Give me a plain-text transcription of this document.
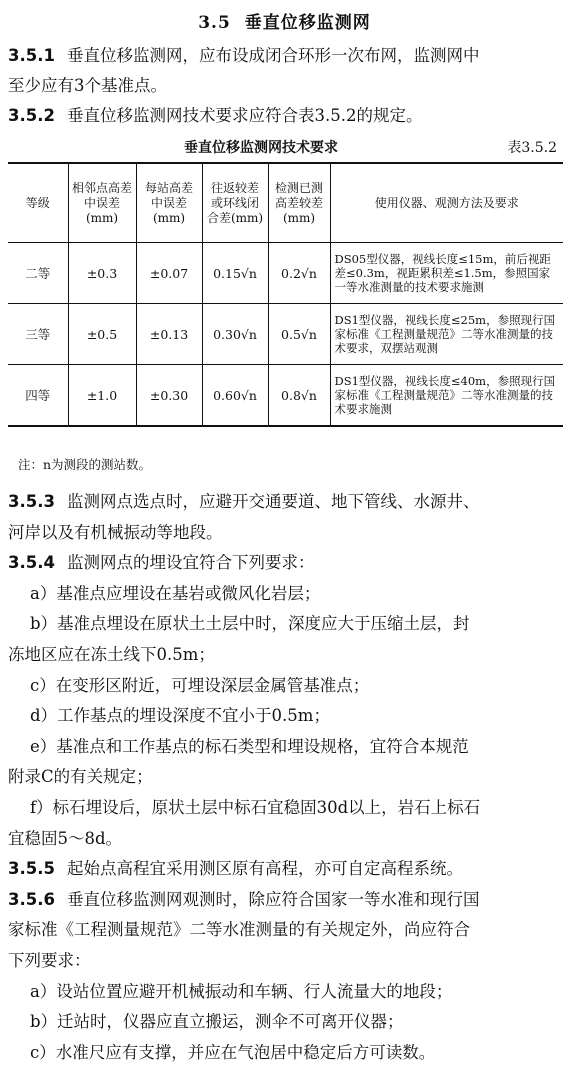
3.5 垂直位移监测网
3.5.1 垂直位移监测网，应布设成闭合环形一次布网，监测网中
至少应有3个基准点。
3.5.2 垂直位移监测网技术要求应符合表3.5.2的规定。
垂直位移监测网技术要求	表3.5.2
等级	相邻点高差中误差(mm)	每站高差中误差(mm)	往返较差或环线闭合差(mm)	检测已测高差较差(mm)	使用仪器、观测方法及要求
二等	±0.3	±0.07	0.15√n	0.2√n	DS05型仪器，视线长度≤15m，前后视距差≤0.3m，视距累积差≤1.5m，参照国家一等水准测量的技术要求施测
三等	±0.5	±0.13	0.30√n	0.5√n	DS1型仪器，视线长度≤25m，参照现行国家标准《工程测量规范》二等水准测量的技术要求，双摆站观测
四等	±1.0	±0.30	0.60√n	0.8√n	DS1型仪器，视线长度≤40m，参照现行国家标准《工程测量规范》二等水准测量的技术要求施测
注：n为测段的测站数。
3.5.3 监测网点选点时，应避开交通要道、地下管线、水源井、
河岸以及有机械振动等地段。
3.5.4 监测网点的埋设宜符合下列要求：
a）基准点应埋设在基岩或微风化岩层；
b）基准点埋设在原状土土层中时，深度应大于压缩土层，封
冻地区应在冻土线下0.5m；
c）在变形区附近，可埋设深层金属管基准点；
d）工作基点的埋设深度不宜小于0.5m；
e）基准点和工作基点的标石类型和埋设规格，宜符合本规范
附录C的有关规定；
f）标石埋设后，原状土层中标石宜稳固30d以上，岩石上标石
宜稳固5～8d。
3.5.5 起始点高程宜采用测区原有高程，亦可自定高程系统。
3.5.6 垂直位移监测网观测时，除应符合国家一等水准和现行国
家标准《工程测量规范》二等水准测量的有关规定外，尚应符合
下列要求：
a）设站位置应避开机械振动和车辆、行人流量大的地段；
b）迁站时，仪器应直立搬运，测伞不可离开仪器；
c）水准尺应有支撑，并应在气泡居中稳定后方可读数。
